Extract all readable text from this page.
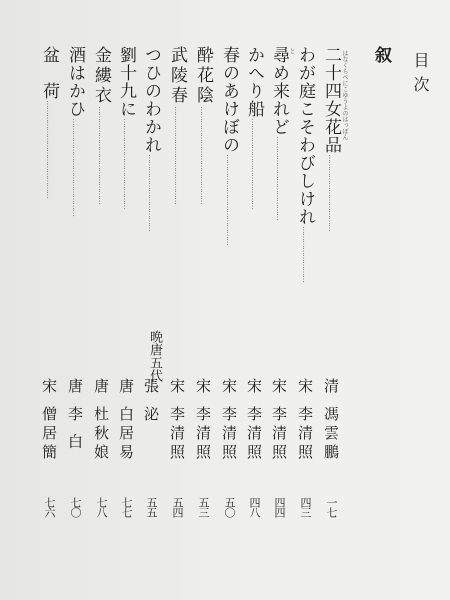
目次
叙
はなくらべにこゆうよのはっぽん
二十四女花品
……………………………
清 馮雲鵬
一七
わが庭こそわびしけれ
……………………
宋 李清照
四三
と
尋め来れど
………………………………
宋 李清照
四四
かへり船
…………………………………
宋 李清照
四八
春のあけぼの
…………………………………
宋 李清照
五〇
酔花陰
……………………………………
宋 李清照
五三
武陵春
……………………………………
宋 李清照
五四
つひのわかれ
……………………………
晩唐五代
張 泌
五五
劉十九に
…………………………………
唐 白居易
七七
金縷衣
……………………………………
唐 杜秋娘
七八
酒はかひ
……………………………………
唐 李 白
七〇
盆　荷
……………………………………
宋 僧居簡
七六
